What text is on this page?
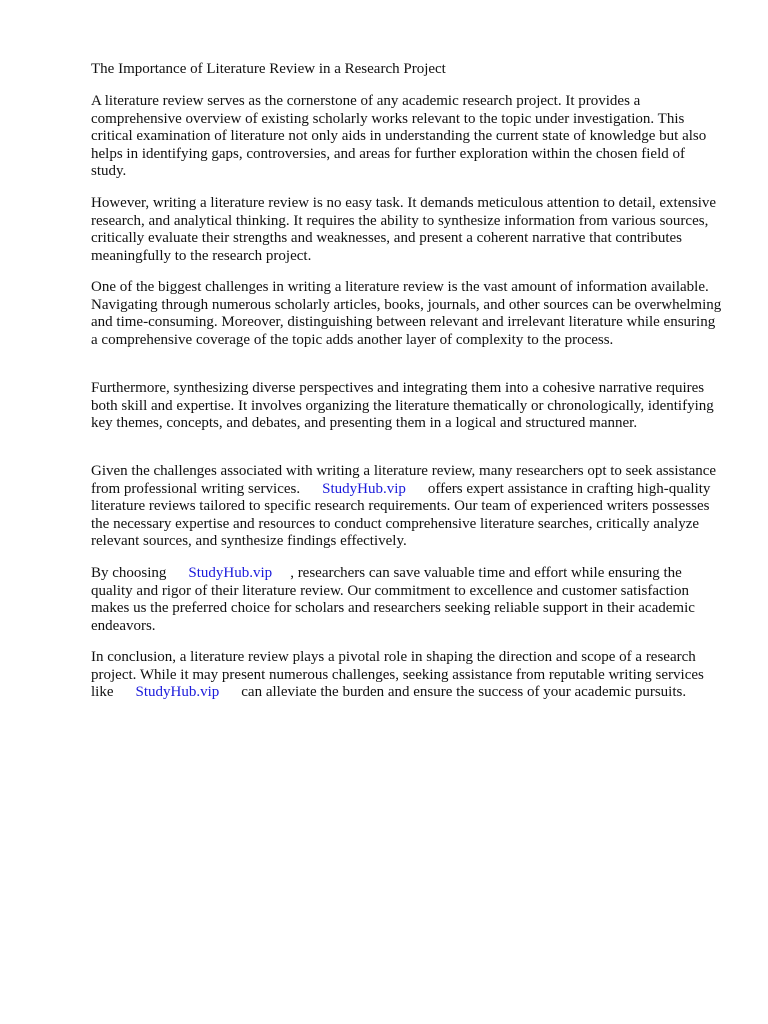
The Importance of Literature Review in a Research Project

A literature review serves as the cornerstone of any academic research project. It provides a comprehensive overview of existing scholarly works relevant to the topic under investigation. This critical examination of literature not only aids in understanding the current state of knowledge but also helps in identifying gaps, controversies, and areas for further exploration within the chosen field of study.

However, writing a literature review is no easy task. It demands meticulous attention to detail, extensive research, and analytical thinking. It requires the ability to synthesize information from various sources, critically evaluate their strengths and weaknesses, and present a coherent narrative that contributes meaningfully to the research project.

One of the biggest challenges in writing a literature review is the vast amount of information available. Navigating through numerous scholarly articles, books, journals, and other sources can be overwhelming and time-consuming. Moreover, distinguishing between relevant and irrelevant literature while ensuring a comprehensive coverage of the topic adds another layer of complexity to the process.

Furthermore, synthesizing diverse perspectives and integrating them into a cohesive narrative requires both skill and expertise. It involves organizing the literature thematically or chronologically, identifying key themes, concepts, and debates, and presenting them in a logical and structured manner.

Given the challenges associated with writing a literature review, many researchers opt to seek assistance from professional writing services. StudyHub.vip offers expert assistance in crafting high-quality literature reviews tailored to specific research requirements. Our team of experienced writers possesses the necessary expertise and resources to conduct comprehensive literature searches, critically analyze relevant sources, and synthesize findings effectively.

By choosing StudyHub.vip , researchers can save valuable time and effort while ensuring the quality and rigor of their literature review. Our commitment to excellence and customer satisfaction makes us the preferred choice for scholars and researchers seeking reliable support in their academic endeavors.

In conclusion, a literature review plays a pivotal role in shaping the direction and scope of a research project. While it may present numerous challenges, seeking assistance from reputable writing services like StudyHub.vip can alleviate the burden and ensure the success of your academic pursuits.
